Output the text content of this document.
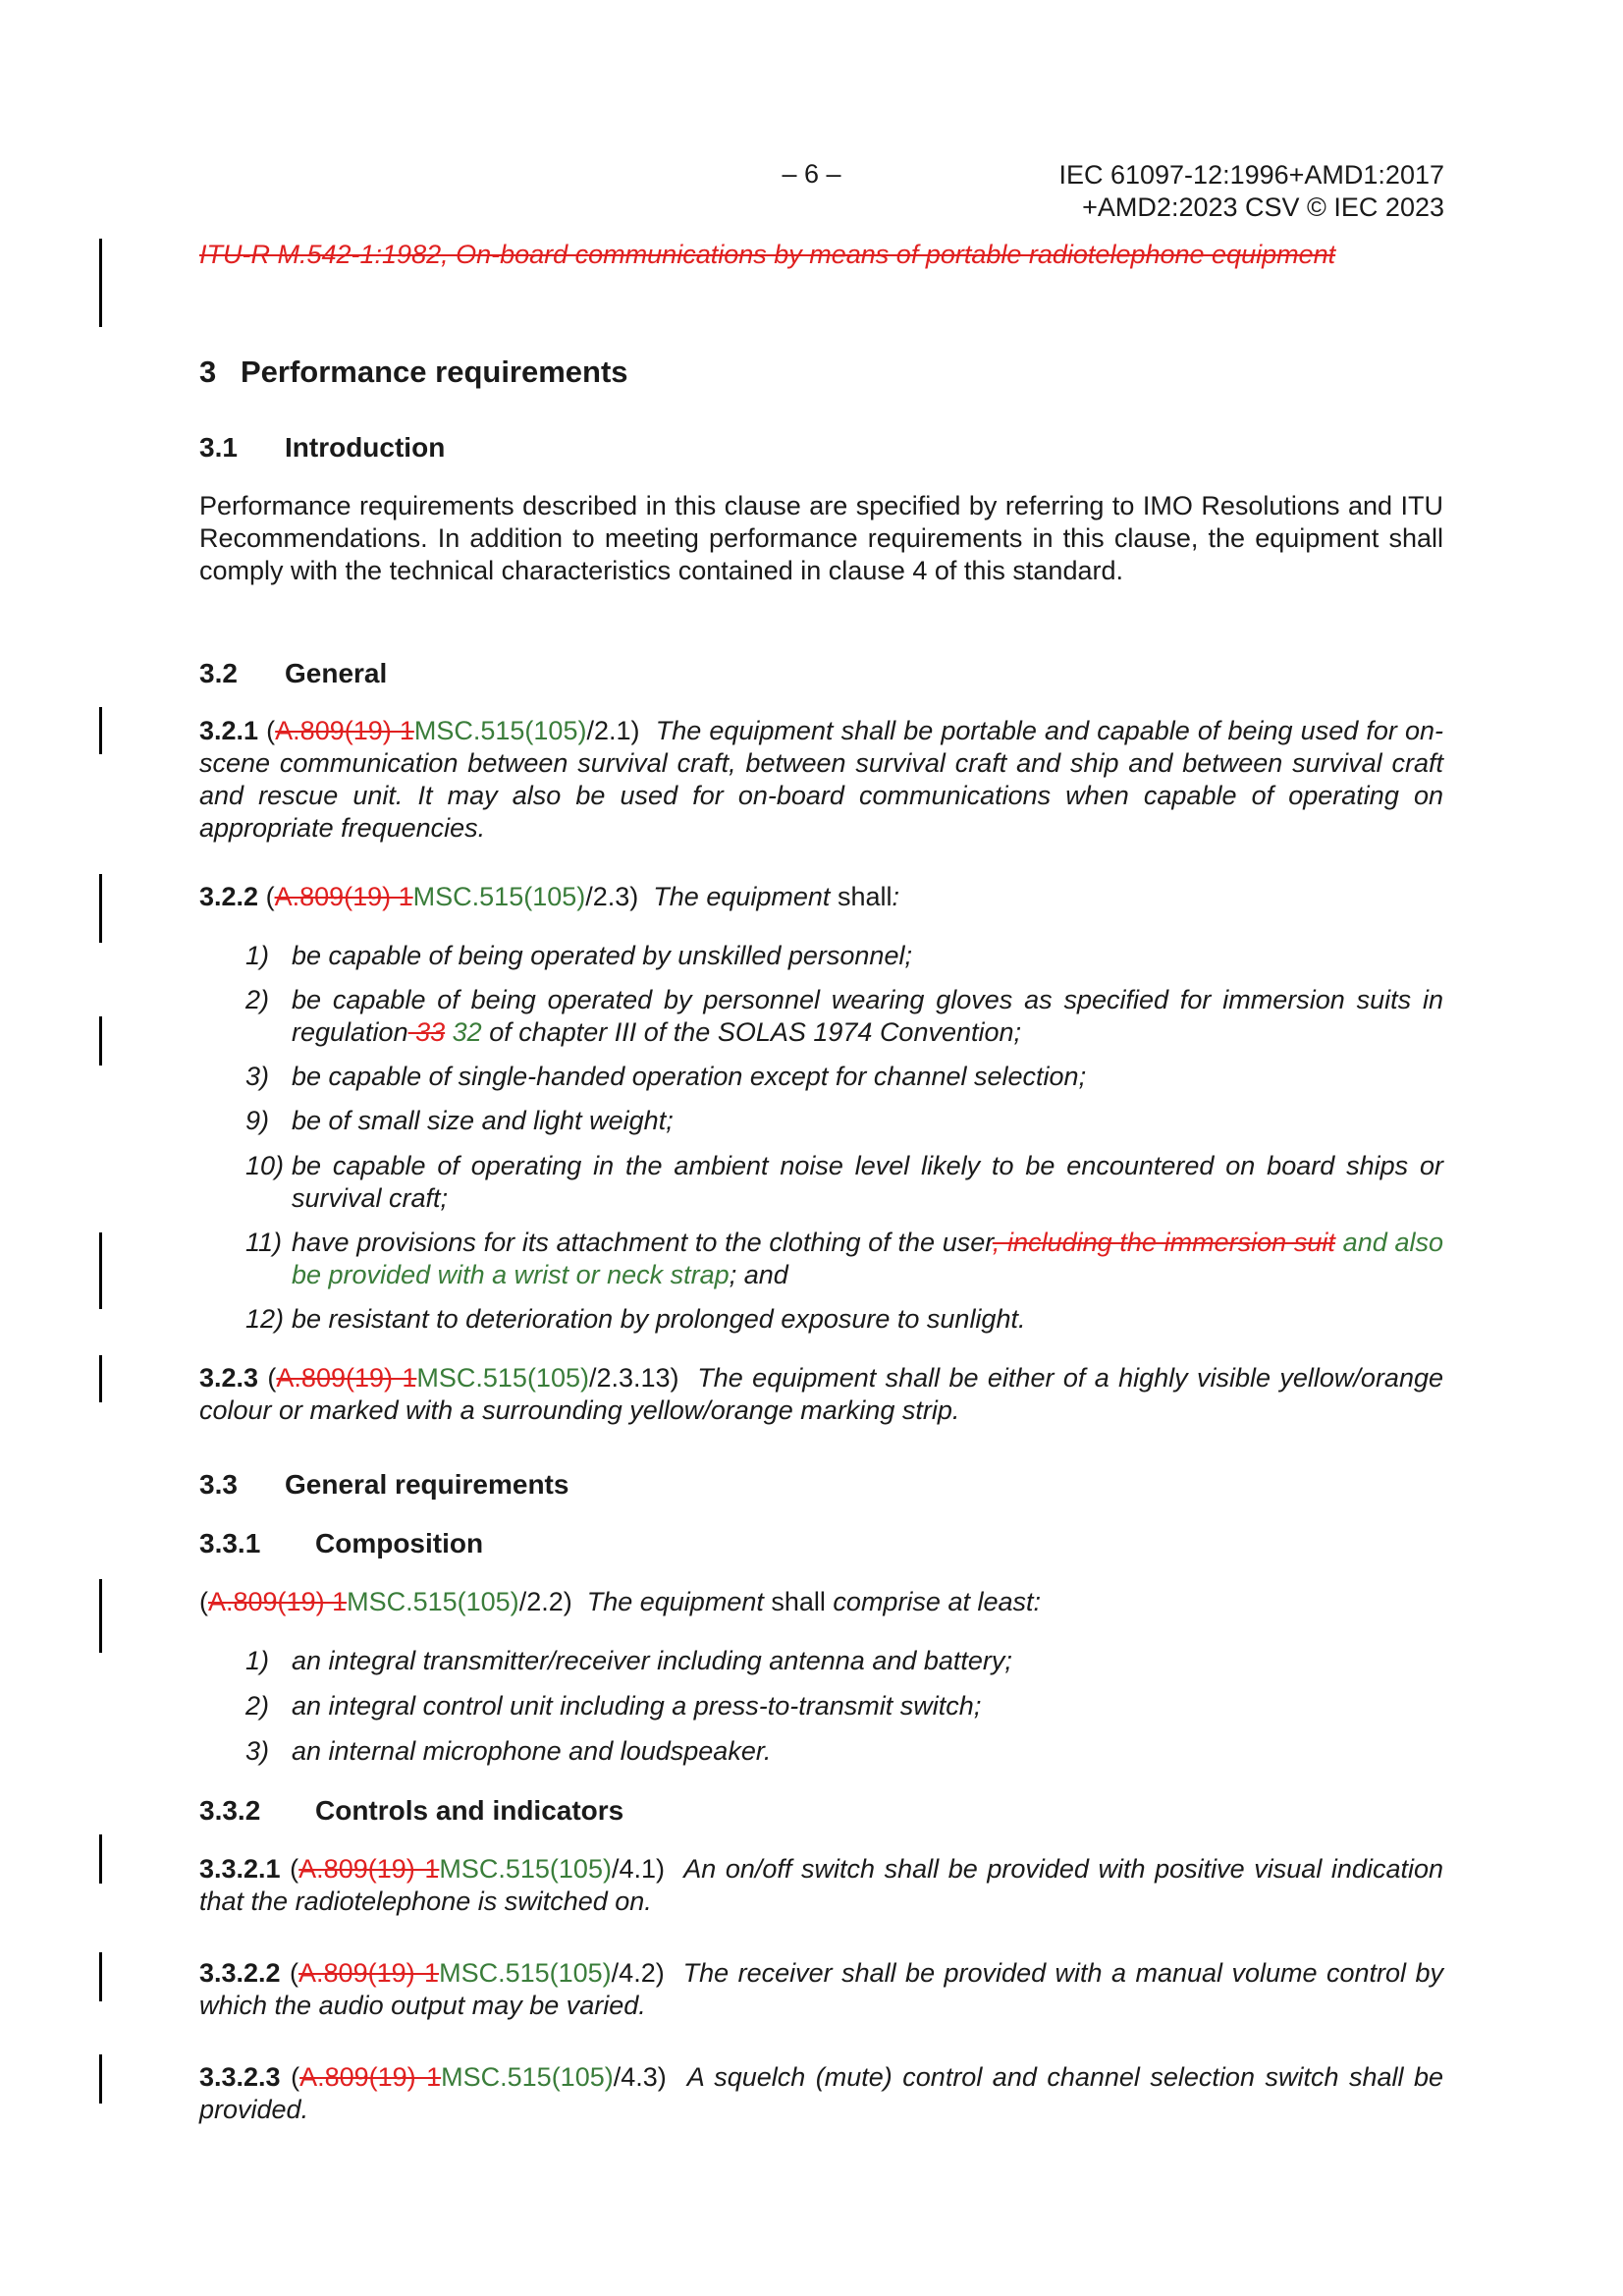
– 6 –	IEC 61097-12:1996+AMD1:2017
+AMD2:2023 CSV © IEC 2023
ITU-R M.542-1:1982, On-board communications by means of portable radiotelephone equipment
3 Performance requirements
3.1 Introduction
Performance requirements described in this clause are specified by referring to IMO Resolutions and ITU Recommendations. In addition to meeting performance requirements in this clause, the equipment shall comply with the technical characteristics contained in clause 4 of this standard.
3.2 General
3.2.1 (A.809(19) 1MSC.515(105)/2.1) The equipment shall be portable and capable of being used for on-scene communication between survival craft, between survival craft and ship and between survival craft and rescue unit. It may also be used for on-board communications when capable of operating on appropriate frequencies.
3.2.2 (A.809(19) 1MSC.515(105)/2.3) The equipment shall:
1) be capable of being operated by unskilled personnel;
2) be capable of being operated by personnel wearing gloves as specified for immersion suits in regulation 33 32 of chapter III of the SOLAS 1974 Convention;
3) be capable of single-handed operation except for channel selection;
9) be of small size and light weight;
10) be capable of operating in the ambient noise level likely to be encountered on board ships or survival craft;
11) have provisions for its attachment to the clothing of the user, including the immersion suit and also be provided with a wrist or neck strap; and
12) be resistant to deterioration by prolonged exposure to sunlight.
3.2.3 (A.809(19) 1MSC.515(105)/2.3.13) The equipment shall be either of a highly visible yellow/orange colour or marked with a surrounding yellow/orange marking strip.
3.3 General requirements
3.3.1 Composition
(A.809(19) 1MSC.515(105)/2.2) The equipment shall comprise at least:
1) an integral transmitter/receiver including antenna and battery;
2) an integral control unit including a press-to-transmit switch;
3) an internal microphone and loudspeaker.
3.3.2 Controls and indicators
3.3.2.1 (A.809(19) 1MSC.515(105)/4.1) An on/off switch shall be provided with positive visual indication that the radiotelephone is switched on.
3.3.2.2 (A.809(19) 1MSC.515(105)/4.2) The receiver shall be provided with a manual volume control by which the audio output may be varied.
3.3.2.3 (A.809(19) 1MSC.515(105)/4.3) A squelch (mute) control and channel selection switch shall be provided.
